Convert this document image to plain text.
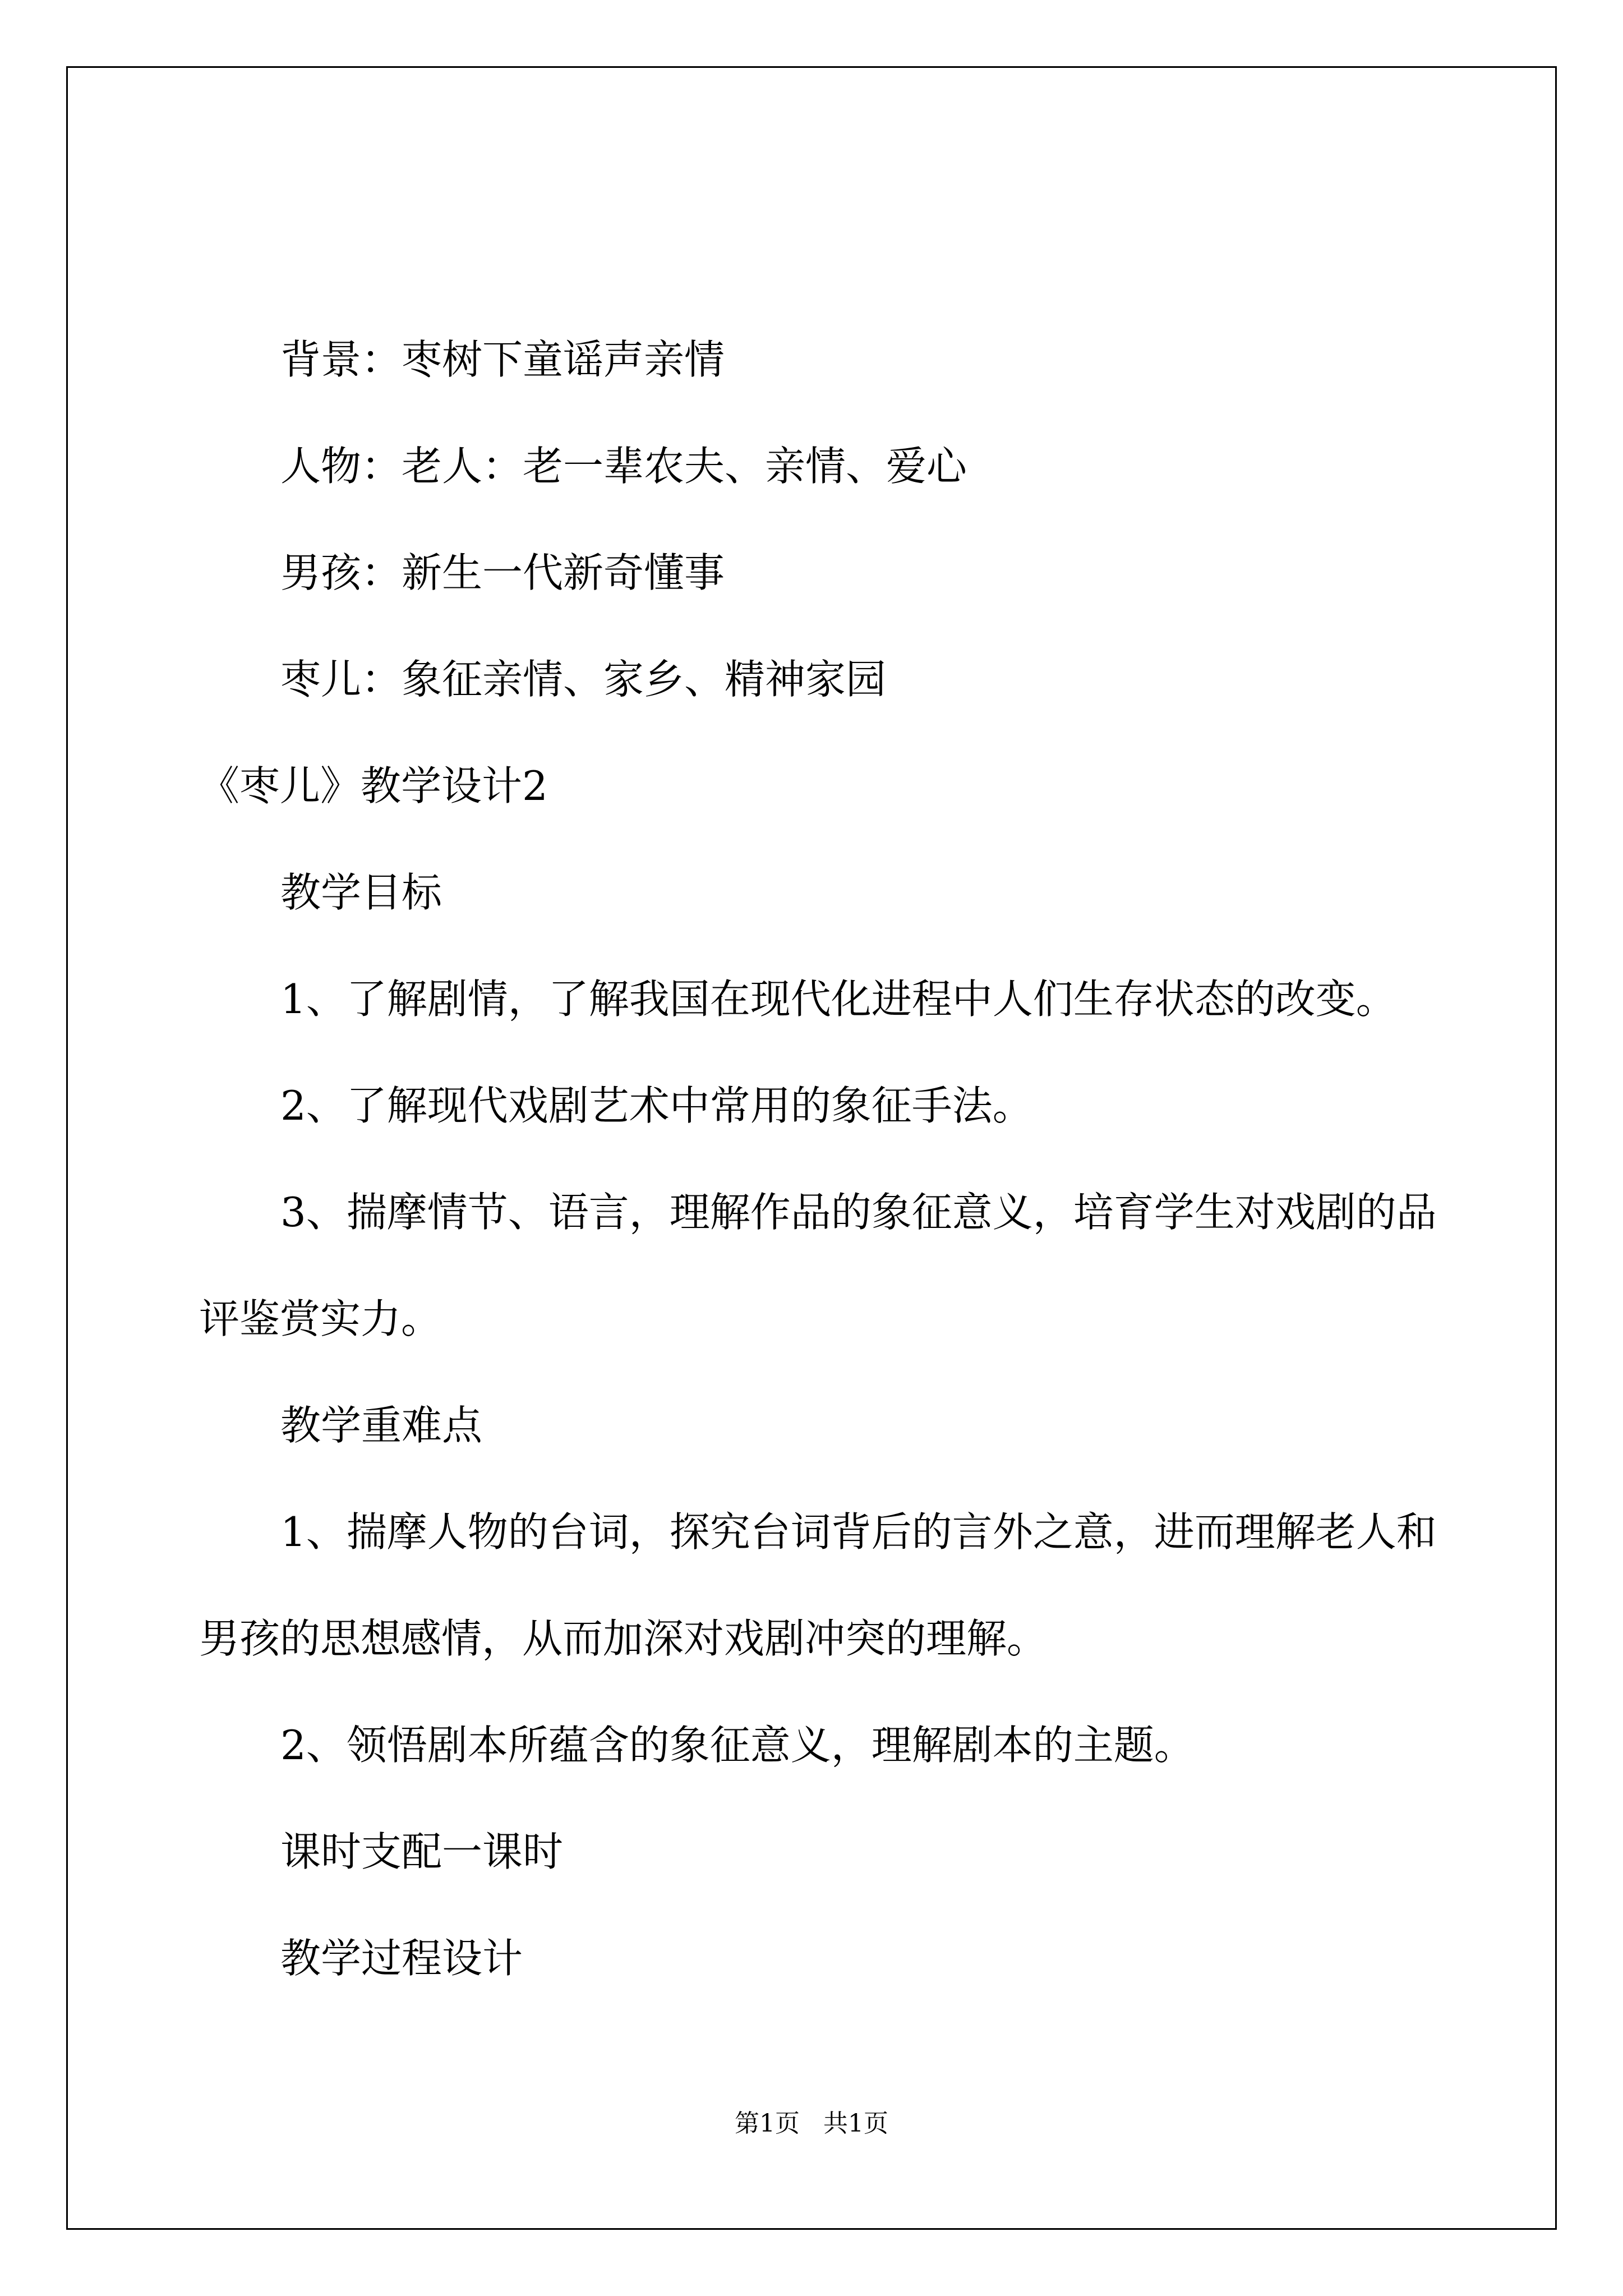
背景：枣树下童谣声亲情
人物：老人：老一辈农夫、亲情、爱心
男孩：新生一代新奇懂事
枣儿：象征亲情、家乡、精神家园
《枣儿》教学设计2
教学目标
1、了解剧情，了解我国在现代化进程中人们生存状态的改变。
2、了解现代戏剧艺术中常用的象征手法。
3、揣摩情节、语言，理解作品的象征意义，培育学生对戏剧的品
评鉴赏实力。
教学重难点
1、揣摩人物的台词，探究台词背后的言外之意，进而理解老人和
男孩的思想感情，从而加深对戏剧冲突的理解。
2、领悟剧本所蕴含的象征意义，理解剧本的主题。
课时支配一课时
教学过程设计
第1页   共1页
